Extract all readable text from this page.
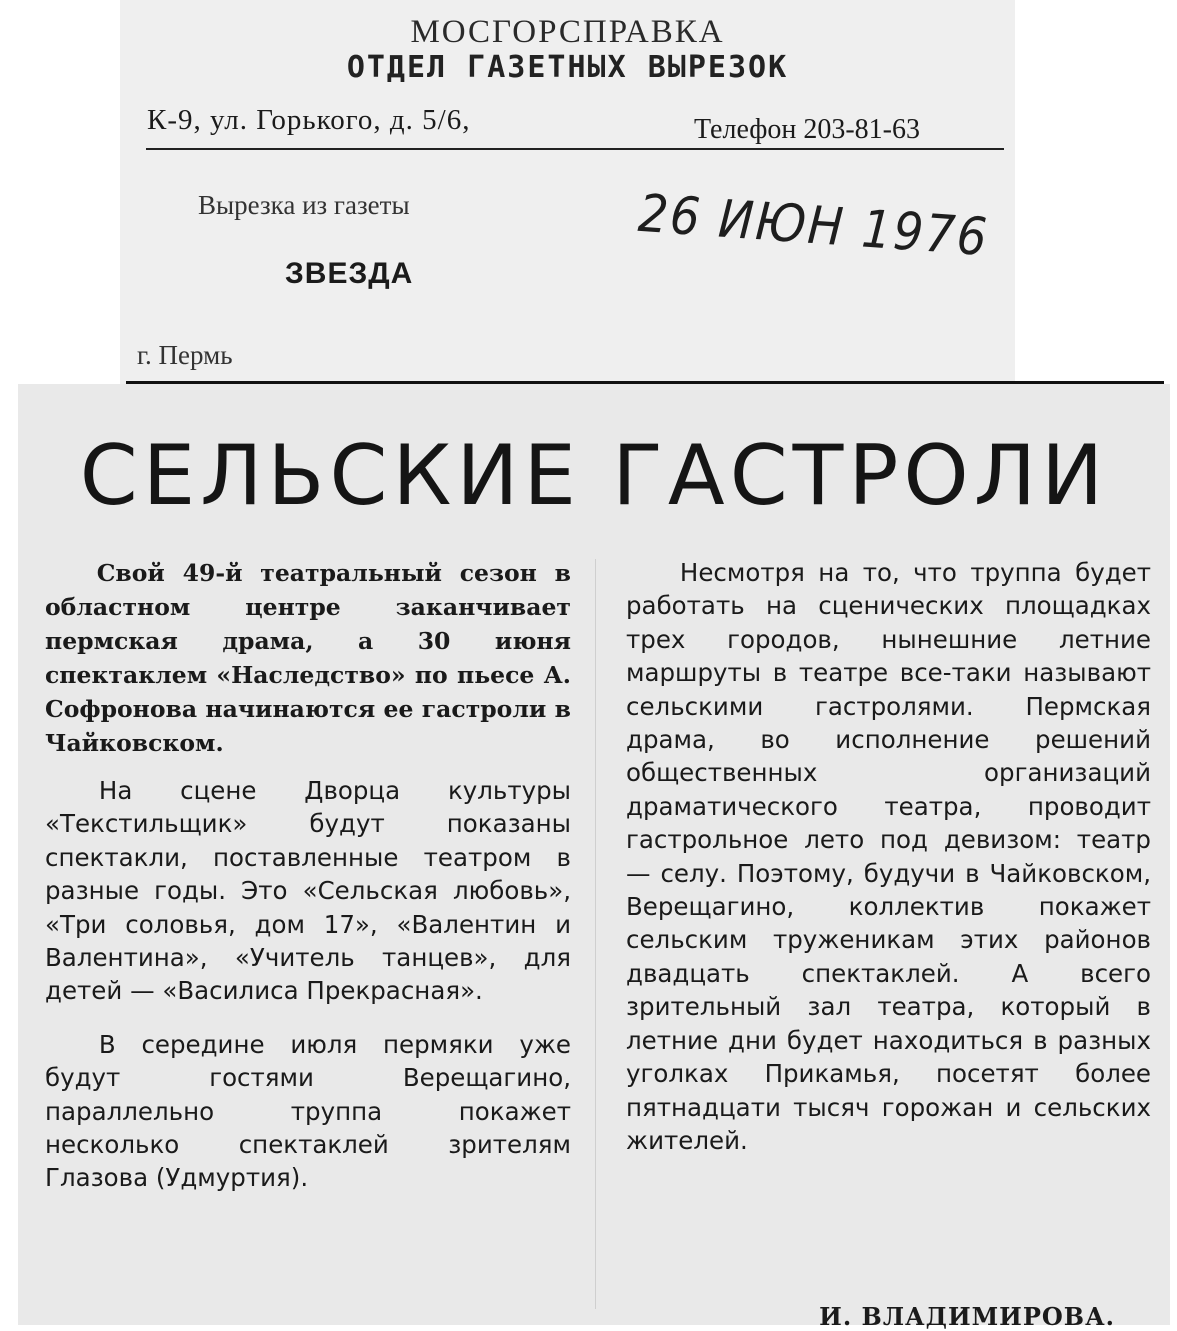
МОСГОРСПРАВКА
ОТДЕЛ ГАЗЕТНЫХ ВЫРЕЗОК
К-9, ул. Горького, д. 5/6,	Телефон 203-81-63
Вырезка из газеты
ЗВЕЗДА
26 ИЮН 1976
г. Пермь
СЕЛЬСКИЕ ГАСТРОЛИ

Свой 49-й театральный сезон в областном центре заканчивает пермская драма, а 30 июня спектаклем «Наследство» по пьесе А. Софронова начинаются ее гастроли в Чайковском.

На сцене Дворца культуры «Текстильщик» будут показаны спектакли, поставленные театром в разные годы. Это «Сельская любовь», «Три соловья, дом 17», «Валентин и Валентина», «Учитель танцев», для детей — «Василиса Прекрасная».

В середине июля пермяки уже будут гостями Верещагино, параллельно труппа покажет несколько спектаклей зрителям Глазова (Удмуртия).

Несмотря на то, что труппа будет работать на сценических площадках трех городов, нынешние летние маршруты в театре все-таки называют сельскими гастролями. Пермская драма, во исполнение решений общественных организаций драматического театра, проводит гастрольное лето под девизом: театр — селу. Поэтому, будучи в Чайковском, Верещагино, коллектив покажет сельским труженикам этих районов двадцать спектаклей. А всего зрительный зал театра, который в летние дни будет находиться в разных уголках Прикамья, посетят более пятнадцати тысяч горожан и сельских жителей.

И. ВЛАДИМИРОВА.
